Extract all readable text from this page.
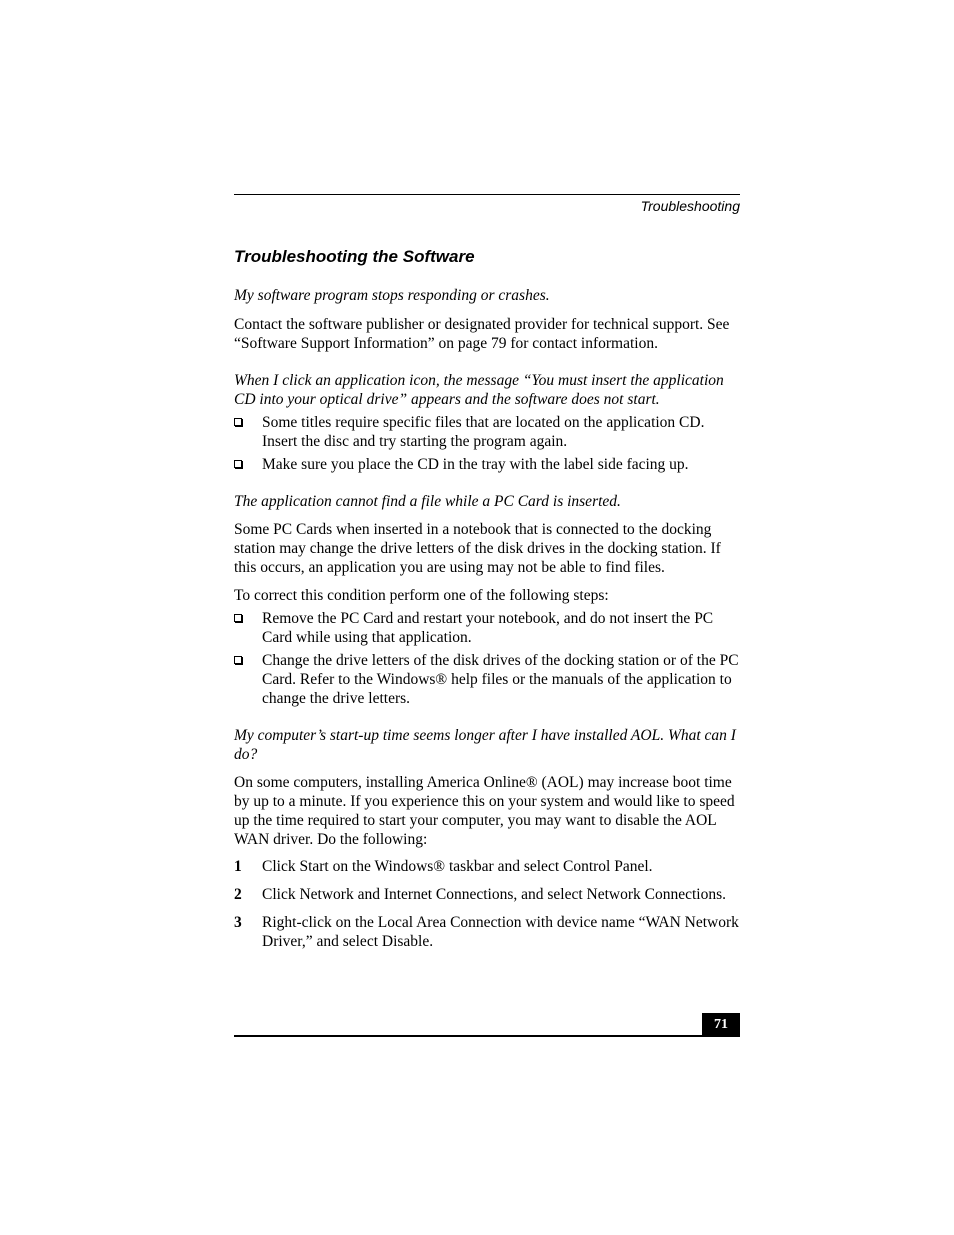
Troubleshooting
Troubleshooting the Software

My software program stops responding or crashes.

Contact the software publisher or designated provider for technical support. See “Software Support Information” on page 79 for contact information.

When I click an application icon, the message “You must insert the application CD into your optical drive” appears and the software does not start.

Some titles require specific files that are located on the application CD. Insert the disc and try starting the program again.
Make sure you place the CD in the tray with the label side facing up.

The application cannot find a file while a PC Card is inserted.

Some PC Cards when inserted in a notebook that is connected to the docking station may change the drive letters of the disk drives in the docking station. If this occurs, an application you are using may not be able to find files.

To correct this condition perform one of the following steps:

Remove the PC Card and restart your notebook, and do not insert the PC Card while using that application.
Change the drive letters of the disk drives of the docking station or of the PC Card. Refer to the Windows® help files or the manuals of the application to change the drive letters.

My computer’s start-up time seems longer after I have installed AOL. What can I do?

On some computers, installing America Online® (AOL) may increase boot time by up to a minute. If you experience this on your system and would like to speed up the time required to start your computer, you may want to disable the AOL WAN driver. Do the following:

1 Click Start on the Windows® taskbar and select Control Panel.
2 Click Network and Internet Connections, and select Network Connections.
3 Right-click on the Local Area Connection with device name “WAN Network Driver,” and select Disable.
71
